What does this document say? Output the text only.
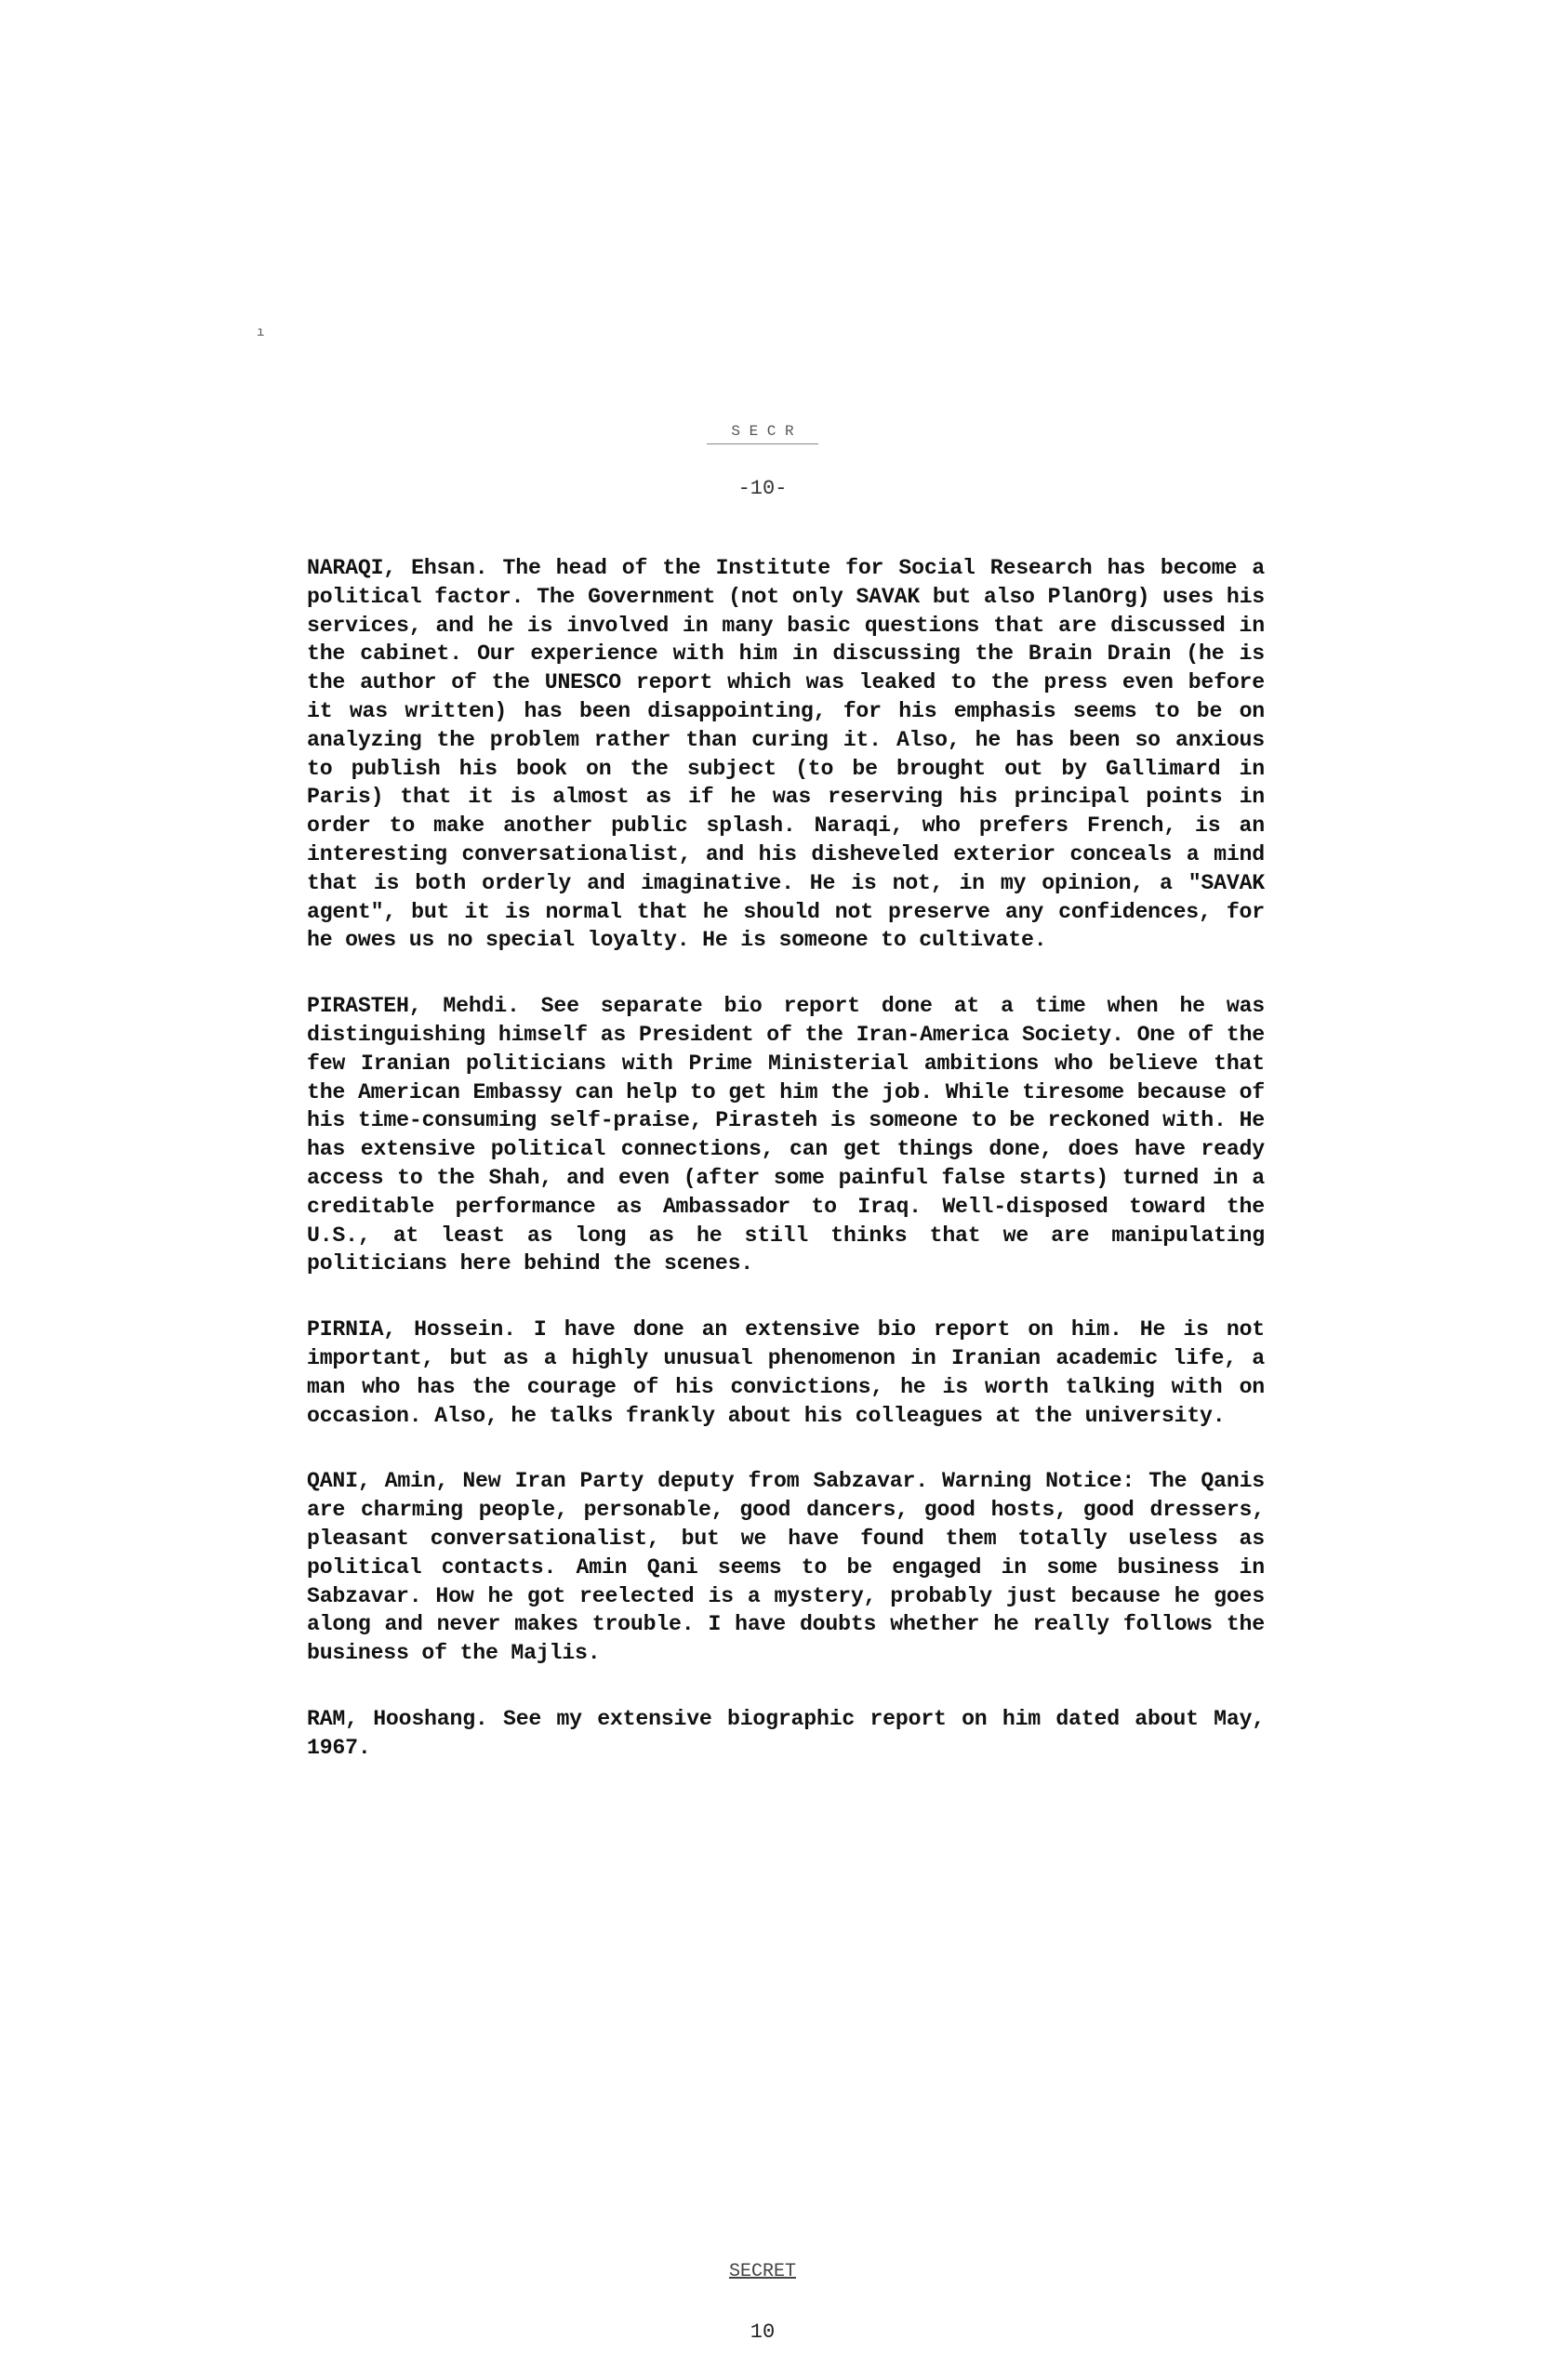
ı
S E C R
-10-

NARAQI, Ehsan. The head of the Institute for Social Research has become a political factor. The Government (not only SAVAK but also PlanOrg) uses his services, and he is involved in many basic questions that are discussed in the cabinet. Our experience with him in discussing the Brain Drain (he is the author of the UNESCO report which was leaked to the press even before it was written) has been disappointing, for his emphasis seems to be on analyzing the problem rather than curing it. Also, he has been so anxious to publish his book on the subject (to be brought out by Gallimard in Paris) that it is almost as if he was reserving his principal points in order to make another public splash. Naraqi, who prefers French, is an interesting conversationalist, and his disheveled exterior conceals a mind that is both orderly and imaginative. He is not, in my opinion, a "SAVAK agent", but it is normal that he should not preserve any confidences, for he owes us no special loyalty. He is someone to cultivate.

PIRASTEH, Mehdi. See separate bio report done at a time when he was distinguishing himself as President of the Iran-America Society. One of the few Iranian politicians with Prime Ministerial ambitions who believe that the American Embassy can help to get him the job. While tiresome because of his time-consuming self-praise, Pirasteh is someone to be reckoned with. He has extensive political connections, can get things done, does have ready access to the Shah, and even (after some painful false starts) turned in a creditable performance as Ambassador to Iraq. Well-disposed toward the U.S., at least as long as he still thinks that we are manipulating politicians here behind the scenes.

PIRNIA, Hossein. I have done an extensive bio report on him. He is not important, but as a highly unusual phenomenon in Iranian academic life, a man who has the courage of his convictions, he is worth talking with on occasion. Also, he talks frankly about his colleagues at the university.

QANI, Amin, New Iran Party deputy from Sabzavar. Warning Notice: The Qanis are charming people, personable, good dancers, good hosts, good dressers, pleasant conversationalist, but we have found them totally useless as political contacts. Amin Qani seems to be engaged in some business in Sabzavar. How he got reelected is a mystery, probably just because he goes along and never makes trouble. I have doubts whether he really follows the business of the Majlis.

RAM, Hooshang. See my extensive biographic report on him dated about May, 1967.

SECRET
10
